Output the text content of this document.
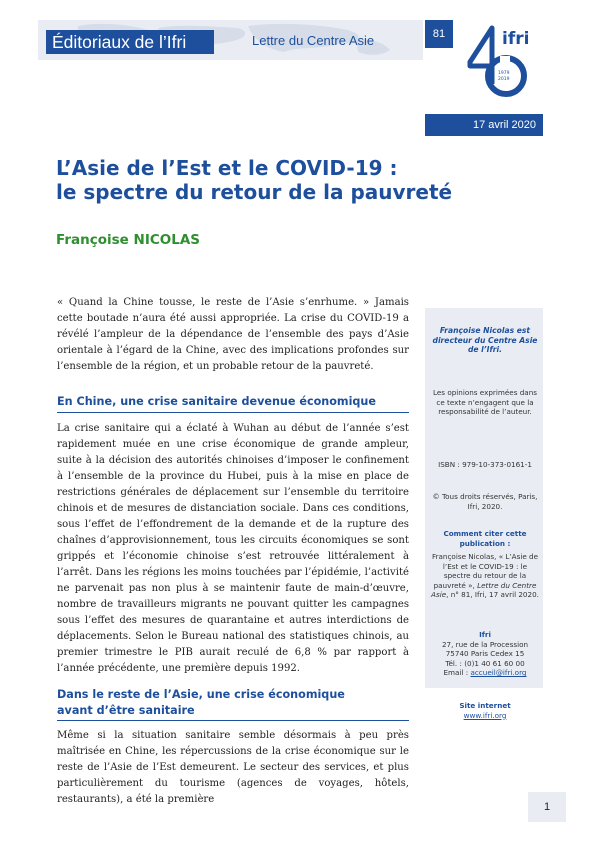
Éditoriaux de l’Ifri	Lettre du Centre Asie	81	ifri
1979
2019
17 avril 2020
L’Asie de l’Est et le COVID-19 :
le spectre du retour de la pauvreté
Françoise NICOLAS

« Quand la Chine tousse, le reste de l’Asie s’enrhume. » Jamais cette boutade n’aura été aussi appropriée. La crise du COVID-19 a révélé l’ampleur de la dépendance de l’ensemble des pays d’Asie orientale à l’égard de la Chine, avec des implications profondes sur l’ensemble de la région, et un probable retour de la pauvreté.

En Chine, une crise sanitaire devenue économique

La crise sanitaire qui a éclaté à Wuhan au début de l’année s’est rapidement muée en une crise économique de grande ampleur, suite à la décision des autorités chinoises d’imposer le confinement à l’ensemble de la province du Hubei, puis à la mise en place de restrictions générales de déplacement sur l’ensemble du territoire chinois et de mesures de distanciation sociale. Dans ces conditions, sous l’effet de l’effondrement de la demande et de la rupture des chaînes d’approvisionnement, tous les circuits économiques se sont grippés et l’économie chinoise s’est retrouvée littéralement à l’arrêt. Dans les régions les moins touchées par l’épidémie, l’activité ne parvenait pas non plus à se maintenir faute de main-d’œuvre, nombre de travailleurs migrants ne pouvant quitter les campagnes sous l’effet des mesures de quarantaine et autres interdictions de déplacements. Selon le Bureau national des statistiques chinois, au premier trimestre le PIB aurait reculé de 6,8 % par rapport à l’année précédente, une première depuis 1992.

Dans le reste de l’Asie, une crise économique
avant d’être sanitaire

Même si la situation sanitaire semble désormais à peu près maîtrisée en Chine, les répercussions de la crise économique sur le reste de l’Asie de l’Est demeurent. Le secteur des services, et plus particulièrement du tourisme (agences de voyages, hôtels, restaurants), a été la première

Françoise Nicolas est directeur du Centre Asie de l’Ifri.
Les opinions exprimées dans ce texte n’engagent que la responsabilité de l’auteur.
ISBN : 979-10-373-0161-1
© Tous droits réservés, Paris, Ifri, 2020.
Comment citer cette publication :
Françoise Nicolas, « L’Asie de l’Est et le COVID-19 : le spectre du retour de la pauvreté », Lettre du Centre Asie, n° 81, Ifri, 17 avril 2020.

Ifri

27, rue de la Procession

75740 Paris Cedex 15

Tél. : (0)1 40 61 60 00

Email : accueil@ifri.org

Site internet

www.ifri.org

1
